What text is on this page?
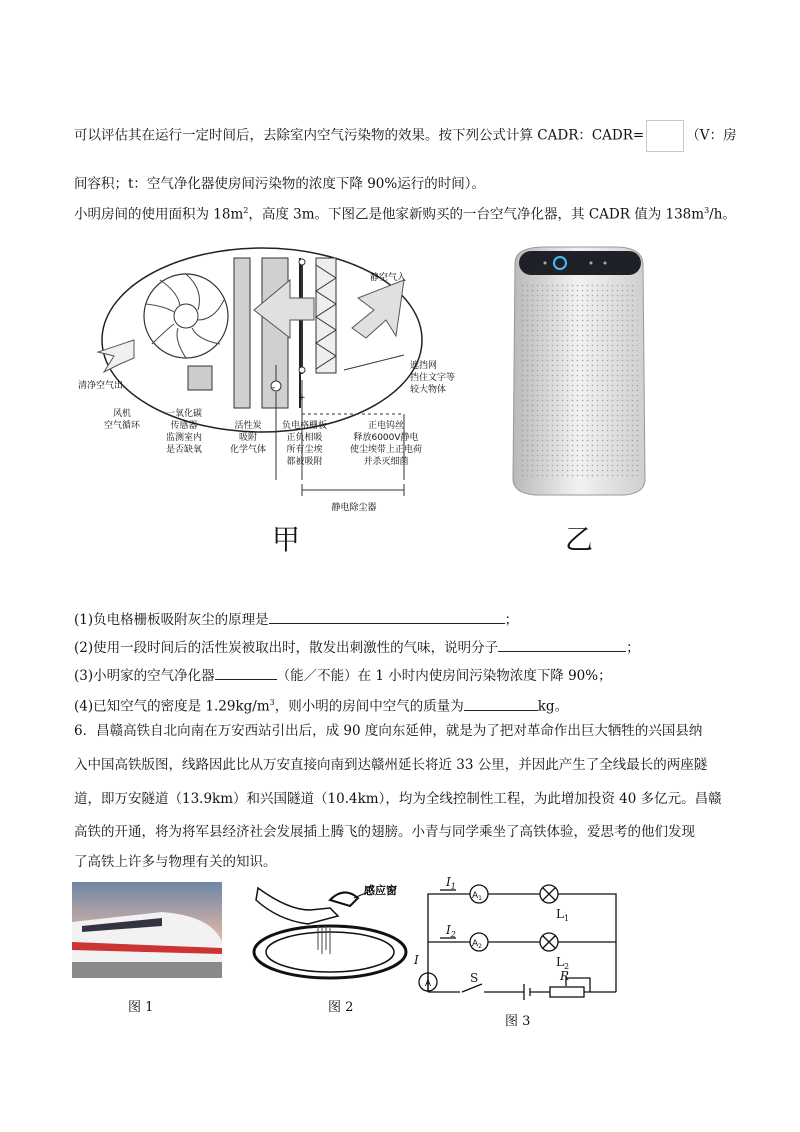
可以评估其在运行一定时间后，去除室内空气污染物的效果。按下列公式计算 CADR：CADR=	（V：房
间容积；t：空气净化器使房间污染物的浓度下降 90%运行的时间）。
小明房间的使用面积为 $18m^2$，高度 3m。下图乙是他家新购买的一台空气净化器，其 CADR 值为 $138m^3/h$。
-
+
静空气入
清净空气出
静电除尘器
风机
空气循环
一氧化碳
传感器
监测室内
是否缺氧
活性炭
吸附
化学气体
负电格栅板
正负相吸
所有尘埃
都被吸附
正电钨丝
释放6000V静电
使尘埃带上正电荷
并杀灭细菌
遮挡网
挡住文字等
较大物体
甲	乙
(1)负电格栅板吸附灰尘的原理是	；
(2)使用一段时间后的活性炭被取出时，散发出刺激性的气味，说明分子	；
(3)小明家的空气净化器	（能／不能）在 1 小时内使房间污染物浓度下降 90%；
(4)已知空气的密度是 $1.29kg/m^3$，则小明的房间中空气的质量为	kg。
6．昌赣高铁自北向南在万安西站引出后，成 90 度向东延伸，就是为了把对革命作出巨大牺牲的兴国县纳
入中国高铁版图，线路因此比从万安直接向南到达赣州延长将近 33 公里，并因此产生了全线最长的两座隧
道，即万安隧道（13.9km）和兴国隧道（10.4km），均为全线控制性工程，为此增加投资 40 多亿元。昌赣
高铁的开通，将为将军县经济社会发展插上腾飞的翅膀。小青与同学乘坐了高铁体验，爱思考的他们发现
了高铁上许多与物理有关的知识。
图 1
感应窗
图 2
$I_1$
$I_2$
I
$L_1$
$L_2$
S	R
$A_1$
$A_2$
A
图 3
